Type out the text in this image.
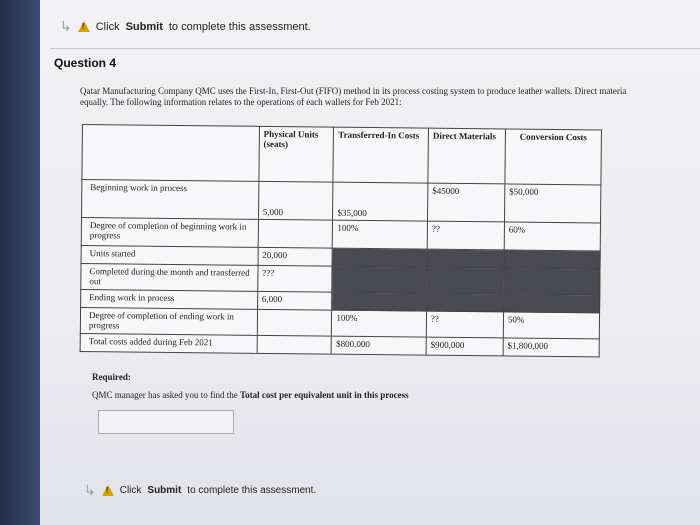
↳ ! Click Submit to complete this assessment.
Question 4
Qatar Manufacturing Company QMC uses the First-In, First-Out (FIFO) method in its process costing system to produce leather wallets. Direct materia
equally. The following information relates to the operations of each wallets for Feb 2021:
	Physical Units (seats)	Transferred-In Costs	Direct Materials	Conversion Costs
Beginning work in process	5,000	$35,000	$45000	$50,000
Degree of completion of beginning work in progress		100%	??	60%
Units started	20,000			
Completed during the month and transferred out	???			
Ending work in process	6,000			
Degree of completion of ending work in progress		100%	??	50%
Total costs added during Feb 2021		$800,000	$900,000	$1,800,000
Required:
QMC manager has asked you to find the Total cost per equivalent unit in this process
↳ ! Click Submit to complete this assessment.
